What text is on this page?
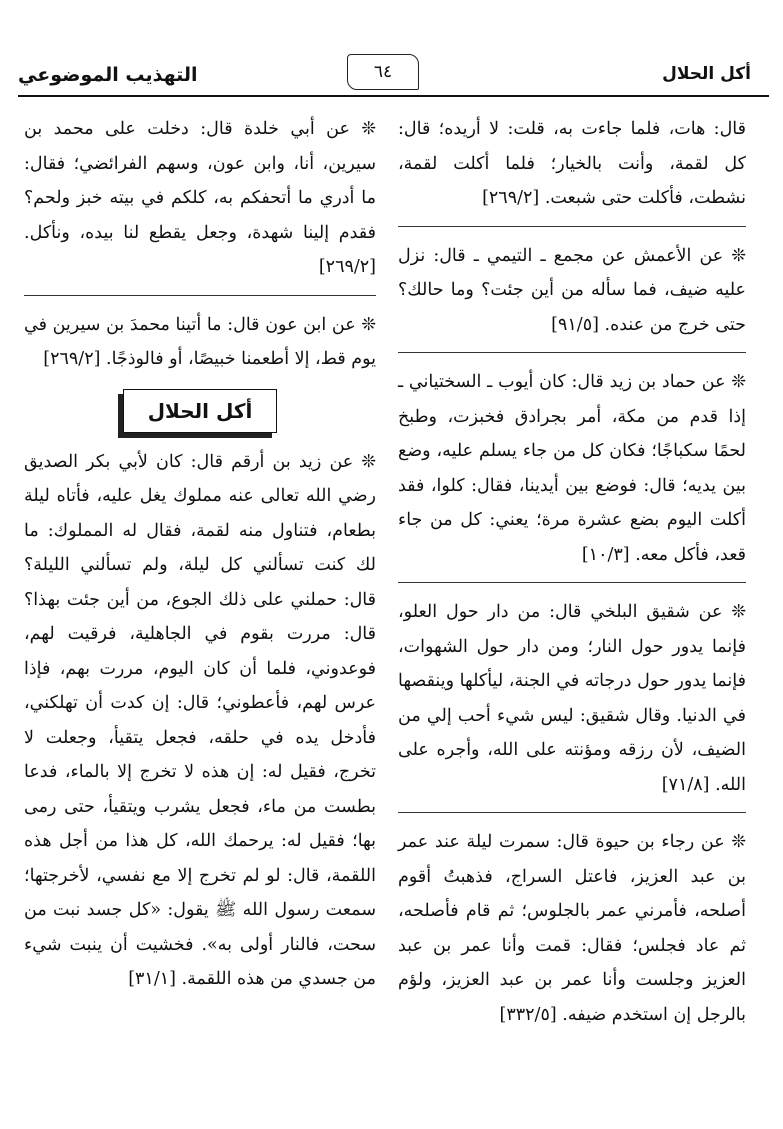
أكل الحلال
٦٤
التهذيب الموضوعي

قال: هات، فلما جاءت به، قلت: لا أريده؛ قال: كل لقمة، وأنت بالخيار؛ فلما أكلت لقمة، نشطت، فأكلت حتى شبعت. [٢٦٩/٢]

❊ عن الأعمش عن مجمع ـ التيمي ـ قال: نزل عليه ضيف، فما سأله من أين جئت؟ وما حالك؟ حتى خرج من عنده. [٩١/٥]

❊ عن حماد بن زيد قال: كان أيوب ـ السختياني ـ إذا قدم من مكة، أمر بجرادق فخبزت، وطبخ لحمًا سكباجًا؛ فكان كل من جاء يسلم عليه، وضع بين يديه؛ قال: فوضع بين أيدينا، فقال: كلوا، فقد أكلت اليوم بضع عشرة مرة؛ يعني: كل من جاء قعد، فأكل معه. [١٠/٣]

❊ عن شقيق البلخي قال: من دار حول العلو، فإنما يدور حول النار؛ ومن دار حول الشهوات، فإنما يدور حول درجاته في الجنة، ليأكلها وينقصها في الدنيا. وقال شقيق: ليس شيء أحب إلي من الضيف، لأن رزقه ومؤنته على الله، وأجره على الله. [٧١/٨]

❊ عن رجاء بن حيوة قال: سمرت ليلة عند عمر بن عبد العزيز، فاعتل السراج، فذهبتُ أقوم أصلحه، فأمرني عمر بالجلوس؛ ثم قام فأصلحه، ثم عاد فجلس؛ فقال: قمت وأنا عمر بن عبد العزيز وجلست وأنا عمر بن عبد العزيز، ولؤم بالرجل إن استخدم ضيفه. [٣٣٢/٥]

❊ عن أبي خلدة قال: دخلت على محمد بن سيرين، أنا، وابن عون، وسهم الفرائضي؛ فقال: ما أدري ما أتحفكم به، كلكم في بيته خبز ولحم؟ فقدم إلينا شهدة، وجعل يقطع لنا بيده، ونأكل. [٢٦٩/٢]

❊ عن ابن عون قال: ما أتينا محمدَ بن سيرين في يوم قط، إلا أطعمنا خبيصًا، أو فالوذجًا. [٢٦٩/٢]

أكل الحلال

❊ عن زيد بن أرقم قال: كان لأبي بكر الصديق رضي الله تعالى عنه مملوك يغل عليه، فأتاه ليلة بطعام، فتناول منه لقمة، فقال له المملوك: ما لك كنت تسألني كل ليلة، ولم تسألني الليلة؟ قال: حملني على ذلك الجوع، من أين جئت بهذا؟ قال: مررت بقوم في الجاهلية، فرقيت لهم، فوعدوني، فلما أن كان اليوم، مررت بهم، فإذا عرس لهم، فأعطوني؛ قال: إن كدت أن تهلكني، فأدخل يده في حلقه، فجعل يتقيأ، وجعلت لا تخرج، فقيل له: إن هذه لا تخرج إلا بالماء، فدعا بطست من ماء، فجعل يشرب ويتقيأ، حتى رمى بها؛ فقيل له: يرحمك الله، كل هذا من أجل هذه اللقمة، قال: لو لم تخرج إلا مع نفسي، لأخرجتها؛ سمعت رسول الله ﷺ يقول: «كل جسد نبت من سحت، فالنار أولى به». فخشيت أن ينبت شيء من جسدي من هذه اللقمة. [٣١/١]
